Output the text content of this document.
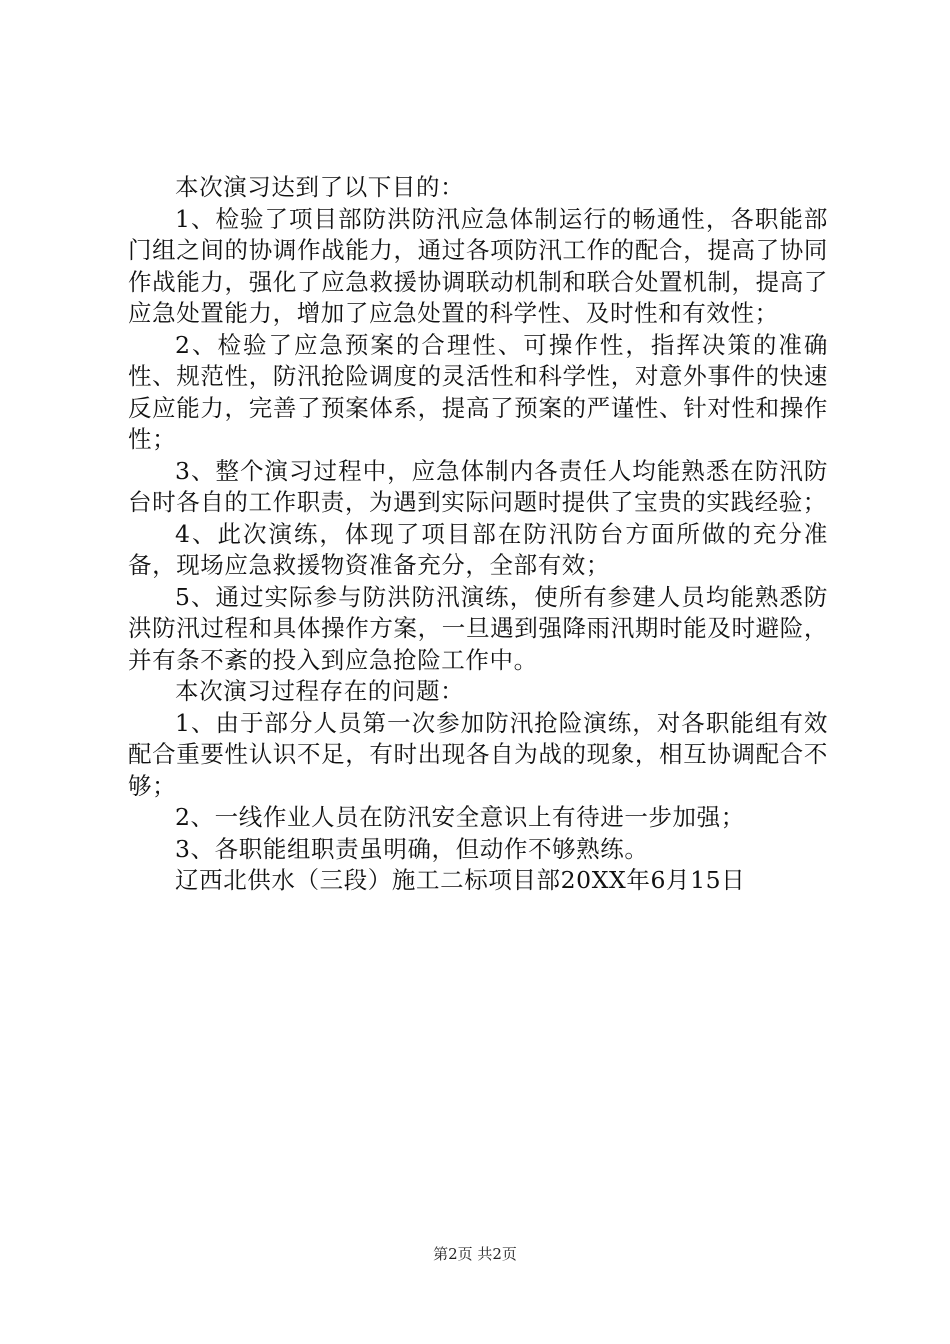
本次演习达到了以下目的：

1、检验了项目部防洪防汛应急体制运行的畅通性，各职能部门组之间的协调作战能力，通过各项防汛工作的配合，提高了协同作战能力，强化了应急救援协调联动机制和联合处置机制，提高了应急处置能力，增加了应急处置的科学性、及时性和有效性；

2、检验了应急预案的合理性、可操作性，指挥决策的准确性、规范性，防汛抢险调度的灵活性和科学性，对意外事件的快速反应能力，完善了预案体系，提高了预案的严谨性、针对性和操作性；

3、整个演习过程中，应急体制内各责任人均能熟悉在防汛防台时各自的工作职责，为遇到实际问题时提供了宝贵的实践经验；

4、此次演练，体现了项目部在防汛防台方面所做的充分准备，现场应急救援物资准备充分，全部有效；

5、通过实际参与防洪防汛演练，使所有参建人员均能熟悉防洪防汛过程和具体操作方案，一旦遇到强降雨汛期时能及时避险，并有条不紊的投入到应急抢险工作中。

本次演习过程存在的问题：

1、由于部分人员第一次参加防汛抢险演练，对各职能组有效配合重要性认识不足，有时出现各自为战的现象，相互协调配合不够；

2、一线作业人员在防汛安全意识上有待进一步加强；

3、各职能组职责虽明确，但动作不够熟练。

辽西北供水（三段）施工二标项目部20XX年6月15日

第2页 共2页
